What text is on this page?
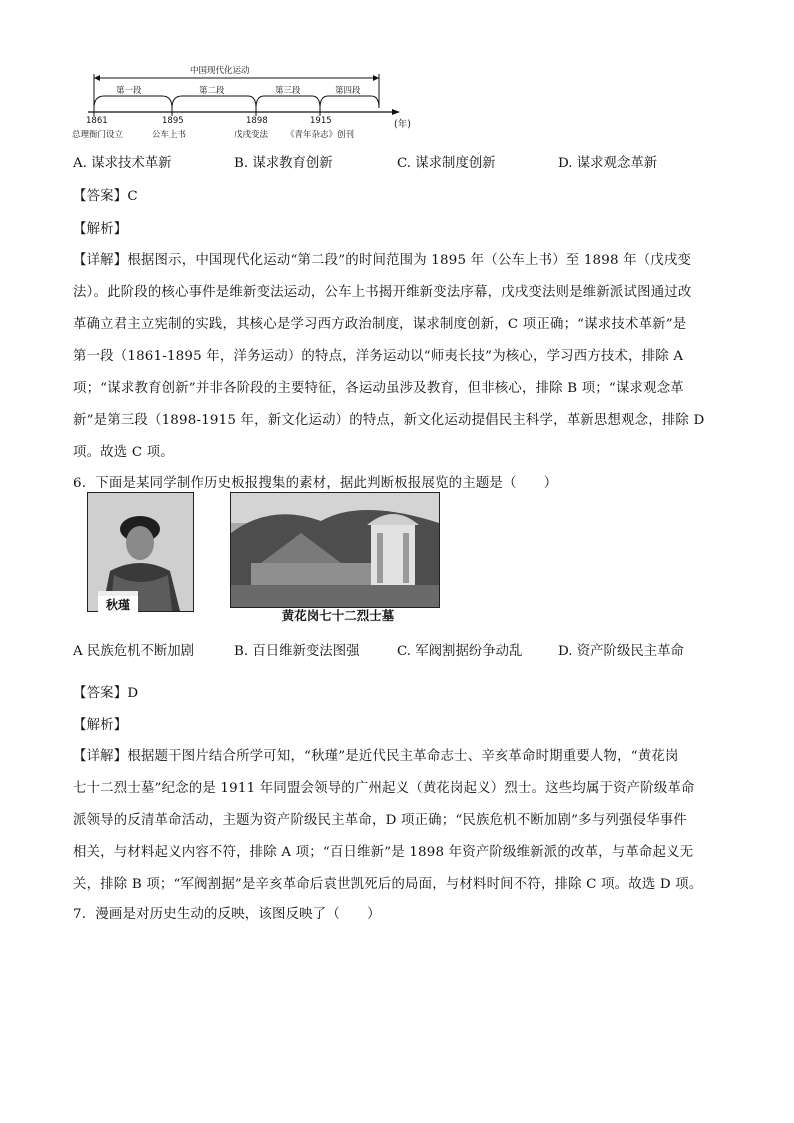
中国现代化运动
第一段	第二段	第三段	第四段
1861	1895	1898	1915
总理衙门设立	公车上书	戊戌变法 《青年杂志》创刊
(年)
A. 谋求技术革新	B. 谋求教育创新	C. 谋求制度创新	D. 谋求观念革新
【答案】C
【解析】
【详解】根据图示，中国现代化运动“第二段”的时间范围为 1895 年（公车上书）至 1898 年（戊戌变
法）。此阶段的核心事件是维新变法运动，公车上书揭开维新变法序幕，戊戌变法则是维新派试图通过改
革确立君主立宪制的实践，其核心是学习西方政治制度，谋求制度创新，C 项正确；“谋求技术革新”是
第一段（1861-1895 年，洋务运动）的特点，洋务运动以“师夷长技”为核心，学习西方技术，排除 A
项；“谋求教育创新”并非各阶段的主要特征，各运动虽涉及教育，但非核心，排除 B 项；“谋求观念革
新”是第三段（1898-1915 年，新文化运动）的特点，新文化运动提倡民主科学，革新思想观念，排除 D
项。故选 C 项。
6．下面是某同学制作历史板报搜集的素材，据此判断板报展览的主题是（　　）
秋瑾
黄花岗七十二烈士墓
A 民族危机不断加剧	B. 百日维新变法图强	C. 军阀割据纷争动乱	D. 资产阶级民主革命
【答案】D
【解析】
【详解】根据题干图片结合所学可知，“秋瑾”是近代民主革命志士、辛亥革命时期重要人物，“黄花岗
七十二烈士墓”纪念的是 1911 年同盟会领导的广州起义（黄花岗起义）烈士。这些均属于资产阶级革命
派领导的反清革命活动，主题为资产阶级民主革命，D 项正确；“民族危机不断加剧”多与列强侵华事件
相关，与材料起义内容不符，排除 A 项；“百日维新”是 1898 年资产阶级维新派的改革，与革命起义无
关，排除 B 项；“军阀割据”是辛亥革命后袁世凯死后的局面，与材料时间不符，排除 C 项。故选 D 项。
7．漫画是对历史生动的反映，该图反映了（　　）
